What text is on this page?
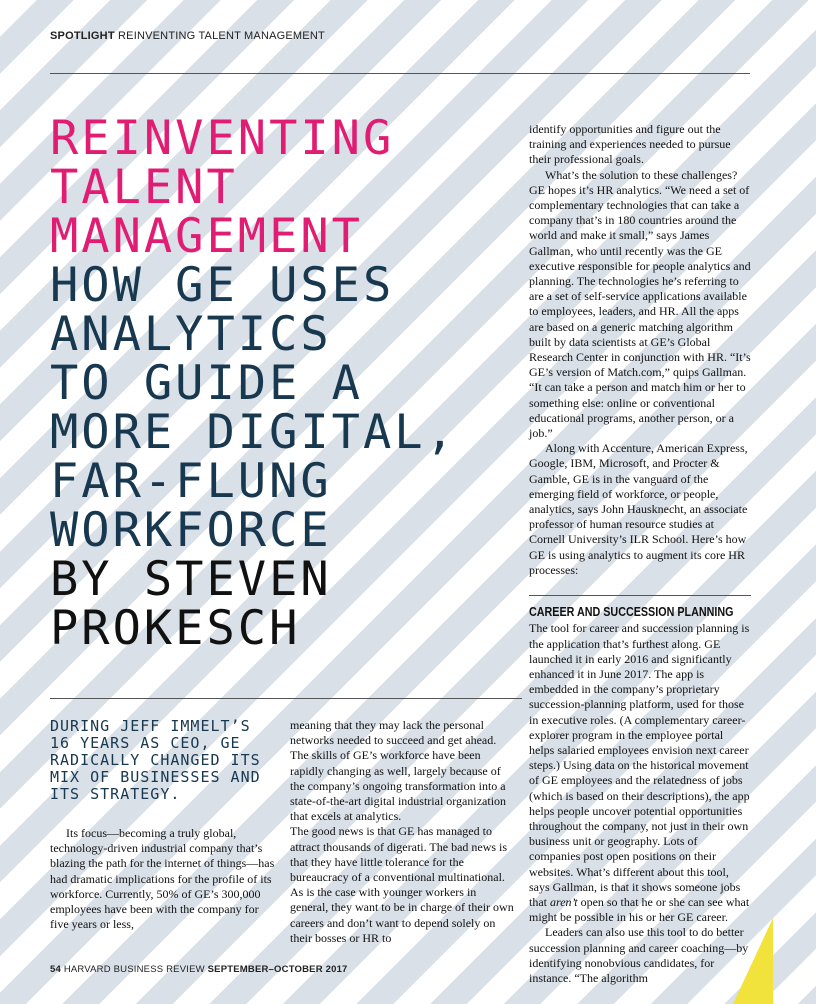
SPOTLIGHT REINVENTING TALENT MANAGEMENT
REINVENTING
TALENT
MANAGEMENT
HOW GE USES
ANALYTICS
TO GUIDE A
MORE DIGITAL,
FAR-FLUNG
WORKFORCE
BY STEVEN
PROKESCH

DURING JEFF IMMELT’S 16 YEARS AS CEO, GE RADICALLY CHANGED ITS MIX OF BUSINESSES AND ITS STRATEGY.

Its focus—becoming a truly global, technology-driven industrial company that’s blazing the path for the internet of things—has had dramatic implications for the profile of its workforce. Currently, 50% of GE’s 300,000 employees have been with the company for five years or less,

meaning that they may lack the personal networks needed to succeed and get ahead. The skills of GE’s workforce have been rapidly changing as well, largely because of the company’s ongoing transformation into a state-of-the-art digital industrial organization that excels at analytics.

The good news is that GE has managed to attract thousands of digerati. The bad news is that they have little tolerance for the bureaucracy of a conventional multinational. As is the case with younger workers in general, they want to be in charge of their own careers and don’t want to depend solely on their bosses or HR to

identify opportunities and figure out the training and experiences needed to pursue their professional goals.

What’s the solution to these challenges? GE hopes it’s HR analytics. “We need a set of complementary technologies that can take a company that’s in 180 countries around the world and make it small,” says James Gallman, who until recently was the GE executive responsible for people analytics and planning. The technologies he’s referring to are a set of self-service applications available to employees, leaders, and HR. All the apps are based on a generic matching algorithm built by data scientists at GE’s Global Research Center in conjunction with HR. “It’s GE’s version of Match.com,” quips Gallman. “It can take a person and match him or her to something else: online or conventional educational programs, another person, or a job.”

Along with Accenture, American Express, Google, IBM, Microsoft, and Procter & Gamble, GE is in the vanguard of the emerging field of workforce, or people, analytics, says John Hausknecht, an associate professor of human resource studies at Cornell University’s ILR School. Here’s how GE is using analytics to augment its core HR processes:

CAREER AND SUCCESSION PLANNING

The tool for career and succession planning is the application that’s furthest along. GE launched it in early 2016 and significantly enhanced it in June 2017. The app is embedded in the company’s proprietary succession-planning platform, used for those in executive roles. (A complementary career-explorer program in the employee portal helps salaried employees envision next career steps.) Using data on the historical movement of GE employees and the relatedness of jobs (which is based on their descriptions), the app helps people uncover potential opportunities throughout the company, not just in their own business unit or geography. Lots of companies post open positions on their websites. What’s different about this tool, says Gallman, is that it shows someone jobs that aren’t open so that he or she can see what might be possible in his or her GE career.

Leaders can also use this tool to do better succession planning and career coaching—by identifying nonobvious candidates, for instance. “The algorithm

54 HARVARD BUSINESS REVIEW SEPTEMBER–OCTOBER 2017
